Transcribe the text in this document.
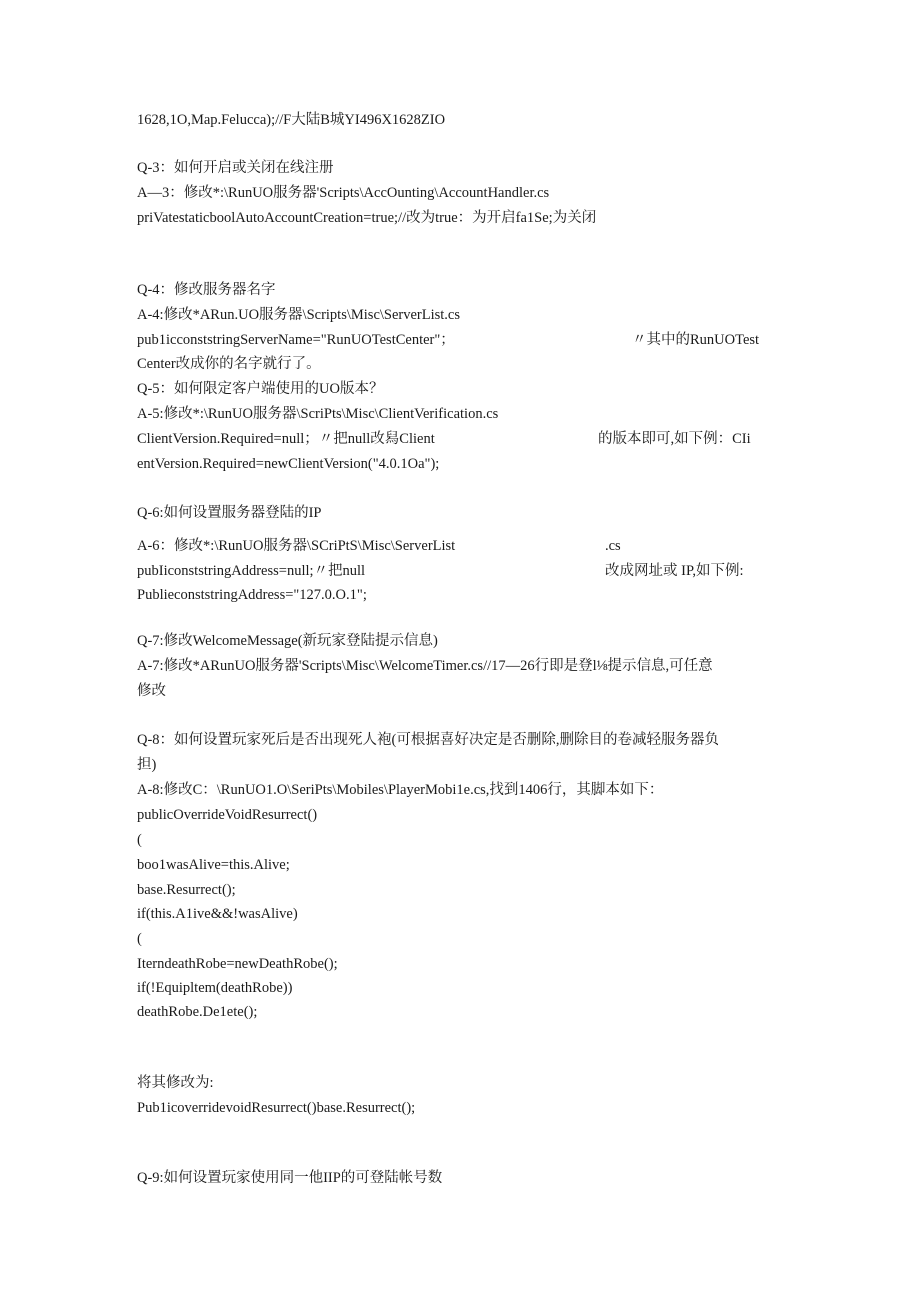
1628,1O,Map.Felucca);//F大陆B城YI496X1628ZIO
Q-3：如何开启或关闭在线注册
A—3：修改*:\RunUO服务器'Scripts\AccOunting\AccountHandler.cs
priVatestaticboolAutoAccountCreation=true;//改为true：为开启fa1Se;为关闭
Q-4：修改服务器名字
A-4:修改*ARun.UO服务器\Scripts\Misc\ServerList.cs
pub1icconststringServerName="RunUOTestCenter"；	〃其中的RunUOTest
Center改成你的名字就行了。
Q-5：如何限定客户端使用的UO版本？
A-5:修改*:\RunUO服务器\ScriPts\Misc\ClientVerification.cs
ClientVersion.Required=null；〃把null改舄Client	的版本即可,如下例：CIi
entVersion.Required=newClientVersion("4.0.1Oa");
Q-6:如何设置服务器登陆的IP
A-6：修改*:\RunUO服务器\SCriPtS\Misc\ServerList	.cs
pubIiconststringAddress=null;〃把null	改成网址或 IP,如下例:
PublieconststringAddress="127.0.O.1";
Q-7:修改WelcomeMessage(新玩家登陆提示信息)
A-7:修改*ARunUO服务器'Scripts\Misc\WelcomeTimer.cs//17—26行即是登l⅛提示信息,可任意
修改
Q-8：如何设置玩家死后是否出现死人袍(可根据喜好决定是否删除,删除目的卷减轻服务器负
担)
A-8:修改C：\RunUO1.O\SeriPts\Mobiles\PlayerMobi1e.cs,找到1406行，其脚本如下：
publicOverrideVoidResurrect()
(
boo1wasAlive=this.Alive;
base.Resurrect();
if(this.A1ive&&!wasAlive)
(
IterndeathRobe=newDeathRobe();
if(!Equipltem(deathRobe))
deathRobe.De1ete();
将其修改为:
Pub1icoverridevoidResurrect()base.Resurrect();
Q-9:如何设置玩家使用同一他IIP的可登陆帐号数
